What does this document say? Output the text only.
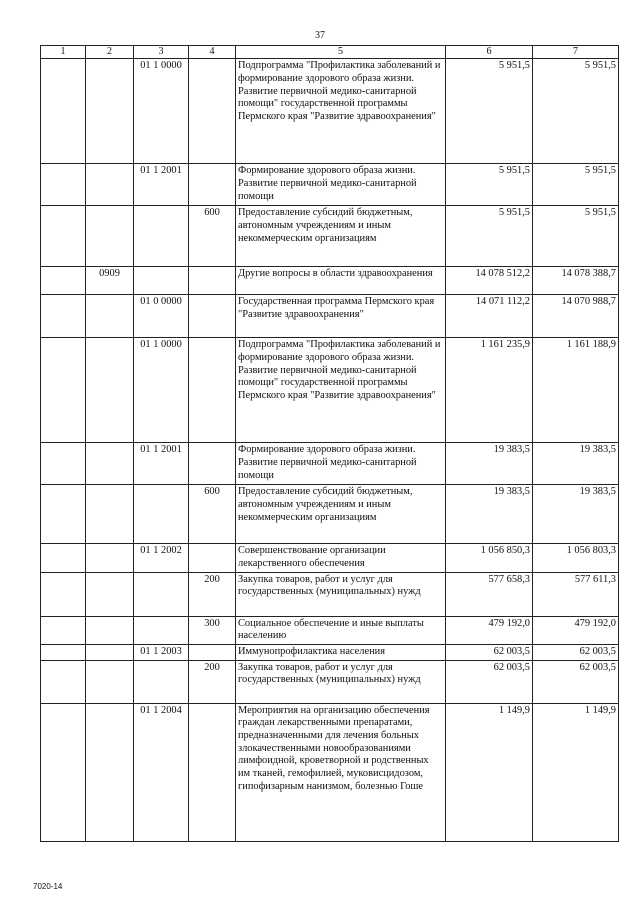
37
1	2	3	4	5	6	7
		01 1 0000		Подпрограмма "Профилактика заболеваний и формирование здорового образа жизни. Развитие первичной медико-санитарной помощи" государственной программы Пермского края "Развитие здравоохранения"	5 951,5	5 951,5
		01 1 2001		Формирование здорового образа жизни. Развитие первичной медико-санитарной помощи	5 951,5	5 951,5
			600	Предоставление субсидий бюджетным, автономным учреждениям и иным некоммерческим организациям	5 951,5	5 951,5
	0909			Другие вопросы в области здравоохранения	14 078 512,2	14 078 388,7
		01 0 0000		Государственная программа Пермского края "Развитие здравоохранения"	14 071 112,2	14 070 988,7
		01 1 0000		Подпрограмма "Профилактика заболеваний и формирование здорового образа жизни. Развитие первичной медико-санитарной помощи" государственной программы Пермского края "Развитие здравоохранения"	1 161 235,9	1 161 188,9
		01 1 2001		Формирование здорового образа жизни. Развитие первичной медико-санитарной помощи	19 383,5	19 383,5
			600	Предоставление субсидий бюджетным, автономным учреждениям и иным некоммерческим организациям	19 383,5	19 383,5
		01 1 2002		Совершенствование организации лекарственного обеспечения	1 056 850,3	1 056 803,3
			200	Закупка товаров, работ и услуг для государственных (муниципальных) нужд	577 658,3	577 611,3
			300	Социальное обеспечение и иные выплаты населению	479 192,0	479 192,0
		01 1 2003		Иммунопрофилактика населения	62 003,5	62 003,5
			200	Закупка товаров, работ и услуг для государственных (муниципальных) нужд	62 003,5	62 003,5
		01 1 2004		Мероприятия на организацию обеспечения граждан лекарственными препаратами, предназначенными для лечения больных злокачественными новообразованиями лимфоидной, кроветворной и родственных им тканей, гемофилией, муковисцидозом, гипофизарным нанизмом, болезнью Гоше	1 149,9	1 149,9
7020-14
